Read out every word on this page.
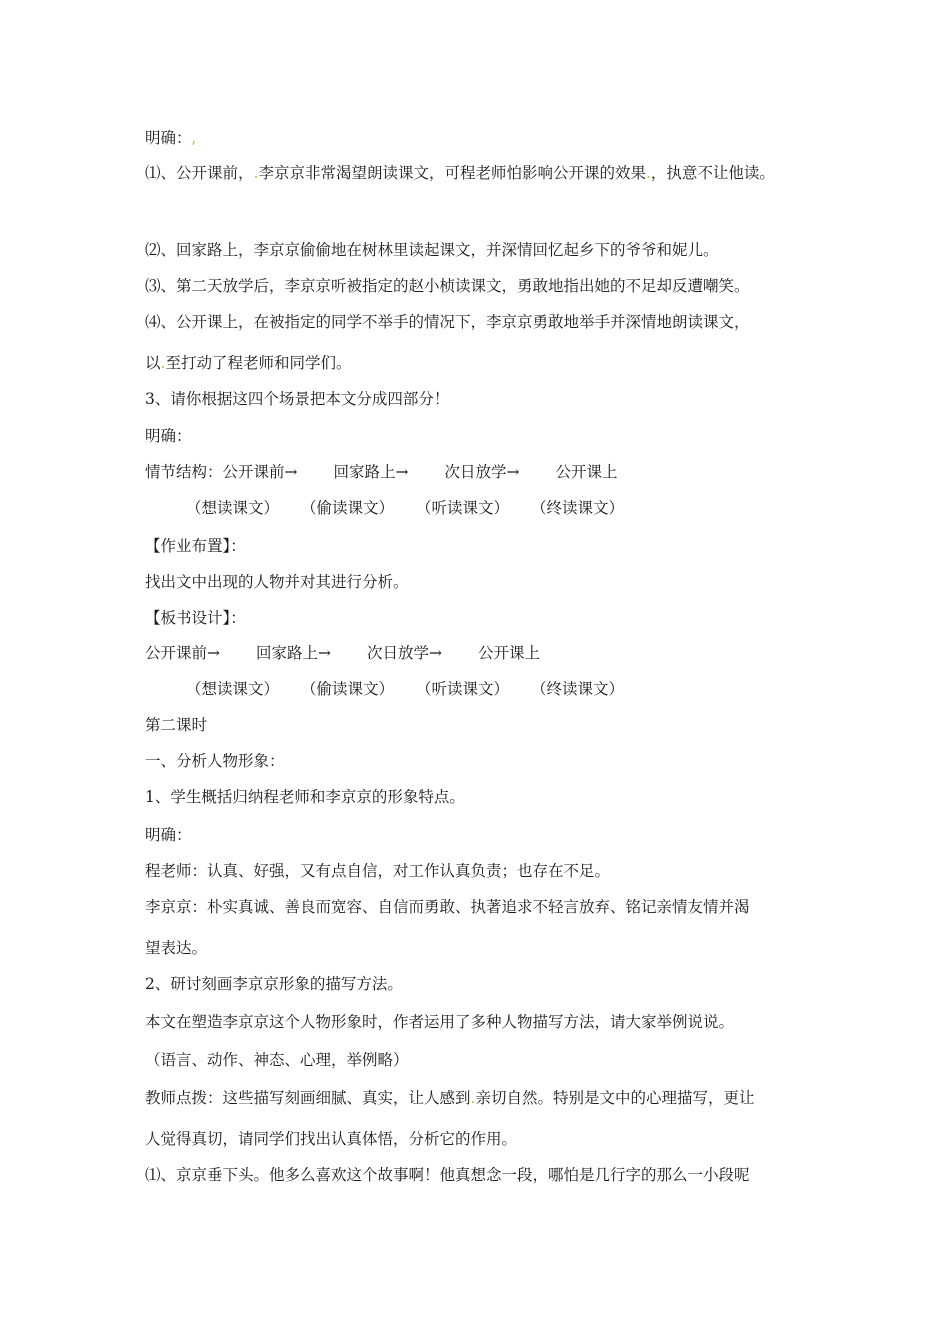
明确：,
⑴、公开课前，.李京京非常渴望朗读课文，可程老师怕影响公开课的效果.，执意不让他读。
⑵、回家路上，李京京偷偷地在树林里读起课文，并深情回忆起乡下的爷爷和妮儿。
⑶、第二天放学后，李京京听被指定的赵小桢读课文，勇敢地指出她的不足却反遭嘲笑。
⑷、公开课上，在被指定的同学不举手的情况下，李京京勇敢地举手并深情地朗读课文，
以.至打动了程老师和同学们。
3、请你根据这四个场景把本文分成四部分！
明确：
情节结构：公开课前→ 回家路上→ 次日放学→ 公开课上
（想读课文） （偷读课文） （听读课文） （终读课文）
【作业布置】：
找出文中出现的人物并对其进行分析。
【板书设计】：
公开课前→ 回家路上→ 次日放学→ 公开课上
（想读课文） （偷读课文） （听读课文） （终读课文）
第二课时
一、分析人物形象：
1、学生概括归纳程老师和李京京的形象特点。
明确：
程老师：认真、好强，又有点自信，对工作认真负责；也存在不足。
李京京：朴实真诚、善良而宽容、自信而勇敢、执著追求不轻言放弃、铭记亲情友情并渴
望表达。
2、研讨刻画李京京形象的描写方法。
本文在塑造李京京这个人物形象时，作者运用了多种人物描写方法，请大家举例说说。
（语言、动作、神态、心理，举例略）
教师点拨：这些描写刻画细腻、真实，让人感到.亲切自然。特别是文中的心理描写，更让
人觉得真切，请同学们找出认真体悟，分析它的作用。
⑴、京京垂下头。他多么喜欢这个故事啊！他真想念一段，哪怕是几行字的那么一小段呢
